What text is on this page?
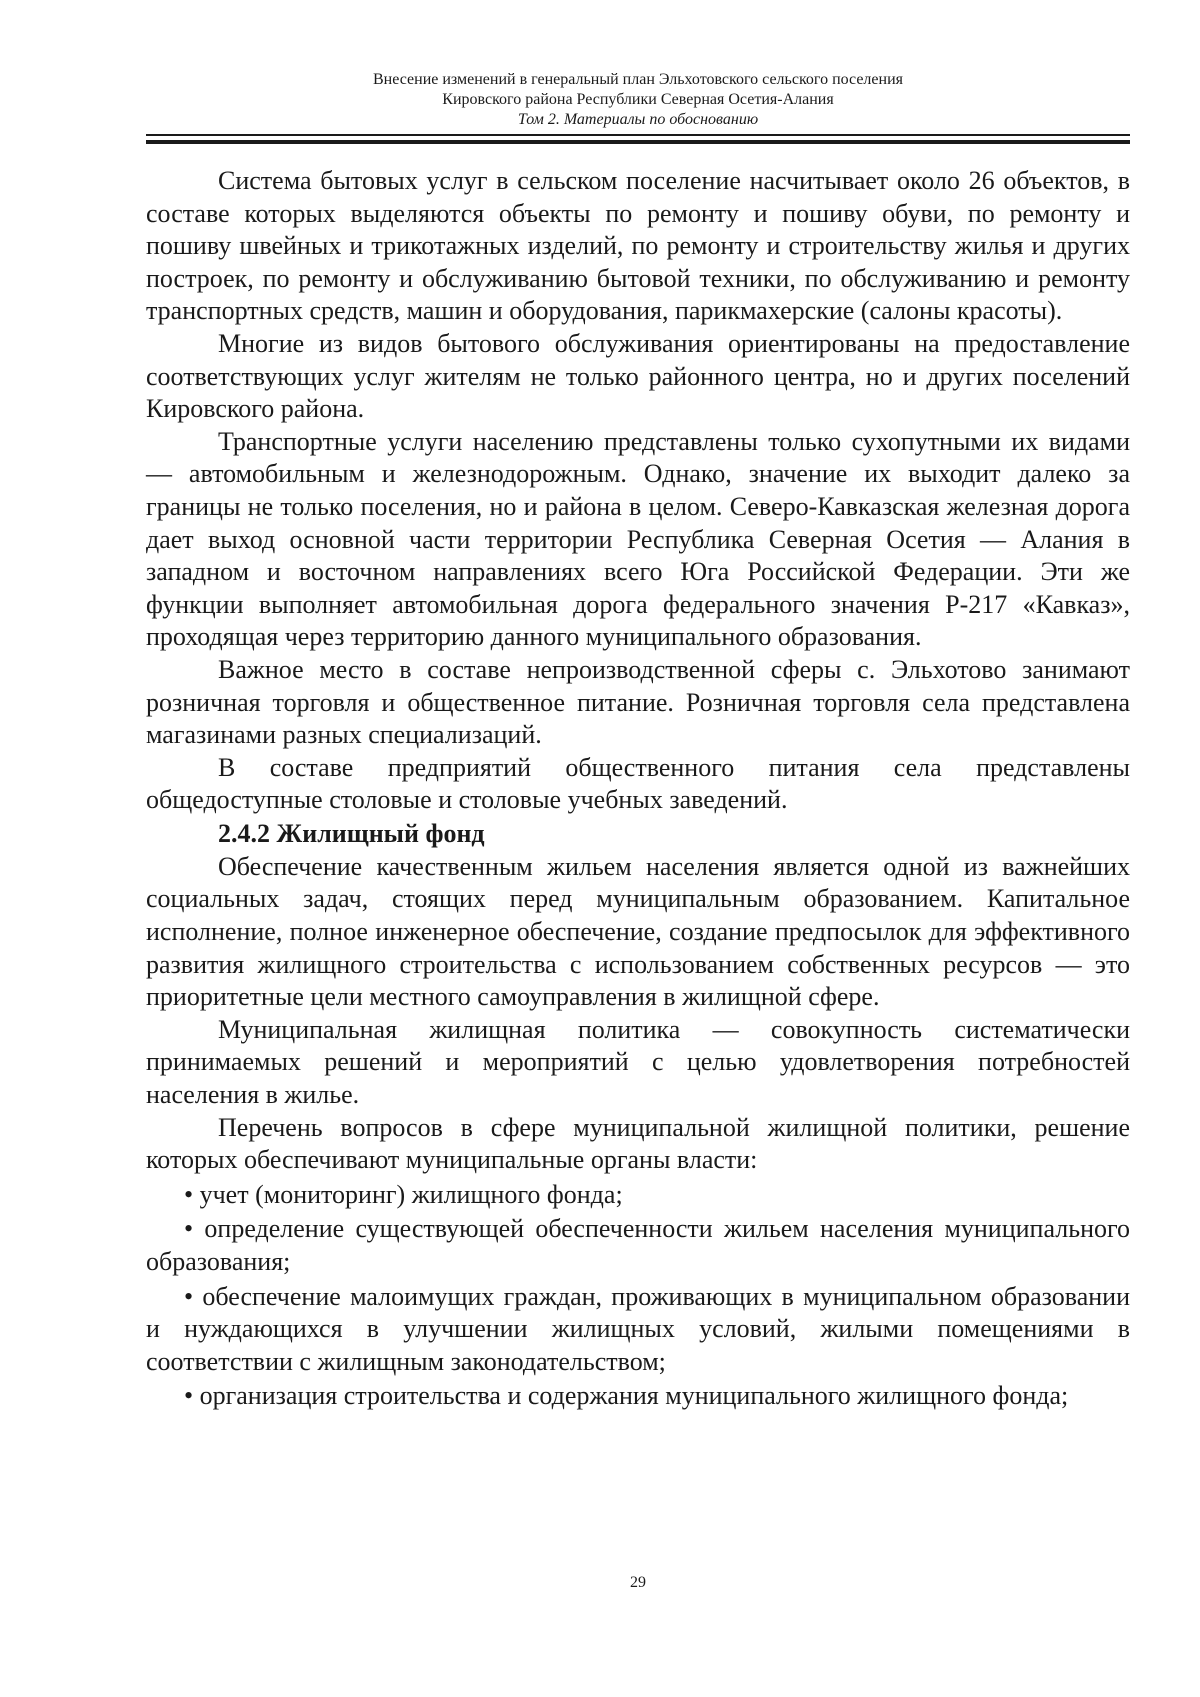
Внесение изменений в генеральный план Эльхотовского сельского поселения
Кировского района Республики Северная Осетия-Алания
Том 2. Материалы по обоснованию

Система бытовых услуг в сельском поселение насчитывает около 26 объектов, в составе которых выделяются объекты по ремонту и пошиву обуви, по ремонту и пошиву швейных и трикотажных изделий, по ремонту и строительству жилья и других построек, по ремонту и обслуживанию бытовой техники, по обслуживанию и ремонту транспортных средств, машин и оборудования, парикмахерские (салоны красоты).

Многие из видов бытового обслуживания ориентированы на предоставление соответствующих услуг жителям не только районного центра, но и других поселений Кировского района.

Транспортные услуги населению представлены только сухопутными их видами — автомобильным и железнодорожным. Однако, значение их выходит далеко за границы не только поселения, но и района в целом. Северо-Кавказская железная дорога дает выход основной части территории Республика Северная Осетия — Алания в западном и восточном направлениях всего Юга Российской Федерации. Эти же функции выполняет автомобильная дорога федерального значения Р-217 «Кавказ», проходящая через территорию данного муниципального образования.

Важное место в составе непроизводственной сферы с. Эльхотово занимают розничная торговля и общественное питание. Розничная торговля села представлена магазинами разных специализаций.

В составе предприятий общественного питания села представлены общедоступные столовые и столовые учебных заведений.

2.4.2 Жилищный фонд

Обеспечение качественным жильем населения является одной из важнейших социальных задач, стоящих перед муниципальным образованием. Капитальное исполнение, полное инженерное обеспечение, создание предпосылок для эффективного развития жилищного строительства с использованием собственных ресурсов — это приоритетные цели местного самоуправления в жилищной сфере.

Муниципальная жилищная политика — совокупность систематически принимаемых решений и мероприятий с целью удовлетворения потребностей населения в жилье.

Перечень вопросов в сфере муниципальной жилищной политики, решение которых обеспечивают муниципальные органы власти:

• учет (мониторинг) жилищного фонда;

• определение существующей обеспеченности жильем населения муниципального образования;

• обеспечение малоимущих граждан, проживающих в муниципальном образовании и нуждающихся в улучшении жилищных условий, жилыми помещениями в соответствии с жилищным законодательством;

• организация строительства и содержания муниципального жилищного фонда;

29
